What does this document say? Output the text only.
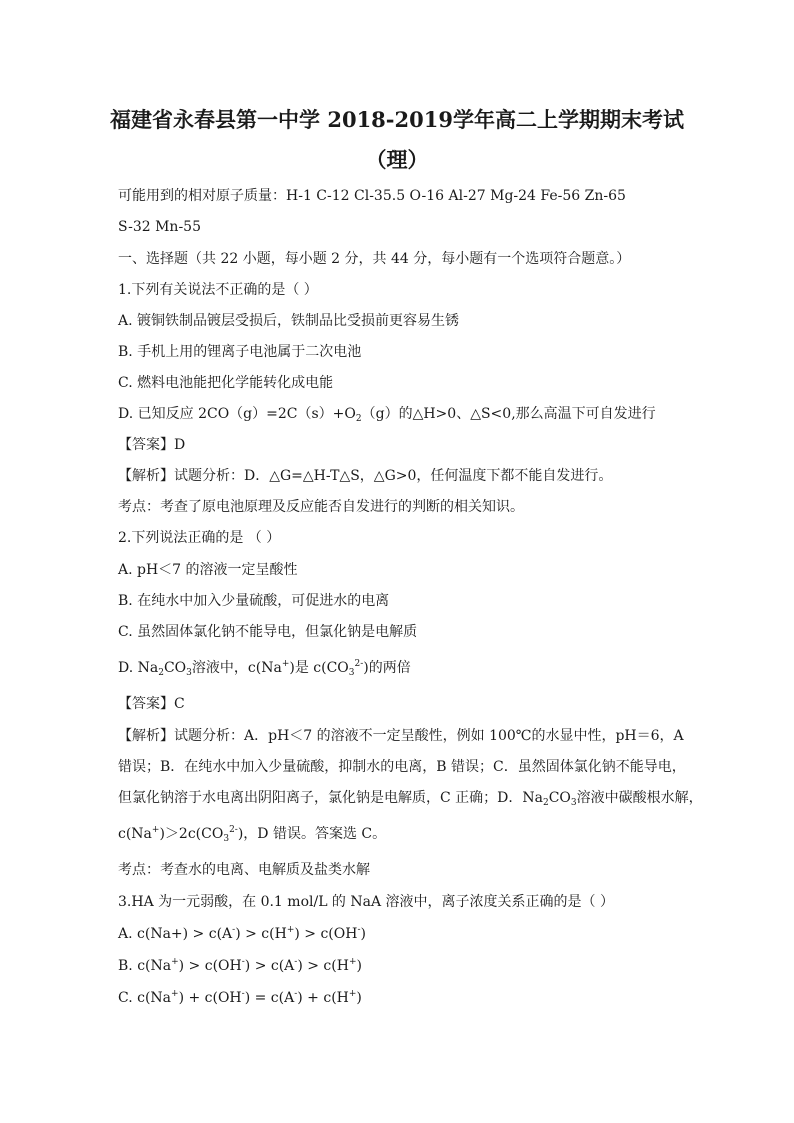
福建省永春县第一中学 2018-2019学年高二上学期期末考试
（理）
可能用到的相对原子质量：H-1 C-12 Cl-35.5 O-16 Al-27 Mg-24 Fe-56 Zn-65
S-32 Mn-55
一、选择题（共 22 小题，每小题 2 分，共 44 分，每小题有一个选项符合题意。）
1.下列有关说法不正确的是（ ）
A. 镀铜铁制品镀层受损后，铁制品比受损前更容易生锈
B. 手机上用的锂离子电池属于二次电池
C. 燃料电池能把化学能转化成电能
D. 已知反应 $2CO(g)=2C(s)+O_2(g)$的△H>0、△S<0,那么高温下可自发进行
【答案】D
【解析】试题分析：D．△G=△H-T△S，△G>0，任何温度下都不能自发进行。
考点：考查了原电池原理及反应能否自发进行的判断的相关知识。
2.下列说法正确的是 （ ）
A. pH＜7 的溶液一定呈酸性
B. 在纯水中加入少量硫酸，可促进水的电离
C. 虽然固体氯化钠不能导电，但氯化钠是电解质
D. $Na_2CO_3$溶液中，c(Na+)是 $c(CO_3^{2-})$的两倍
【答案】C
【解析】试题分析：A．pH＜7 的溶液不一定呈酸性，例如 100℃的水显中性，pH＝6，A
错误；B．在纯水中加入少量硫酸，抑制水的电离，B 错误；C．虽然固体氯化钠不能导电，
但氯化钠溶于水电离出阴阳离子，氯化钠是电解质，C 正确；D．$Na_2CO_3$溶液中碳酸根水解，
$c(Na^+)>2c(CO_3^{2-})$，D 错误。答案选 C。
考点：考查水的电离、电解质及盐类水解
3.HA 为一元弱酸，在 0.1 mol/L 的 NaA 溶液中，离子浓度关系正确的是（ ）
A. c(Na+) > c(A-) > c(H+) > c(OH-)
B. c(Na+) > c(OH-) > c(A-) > c(H+)
C. c(Na+) + c(OH-) = c(A-) + c(H+)
